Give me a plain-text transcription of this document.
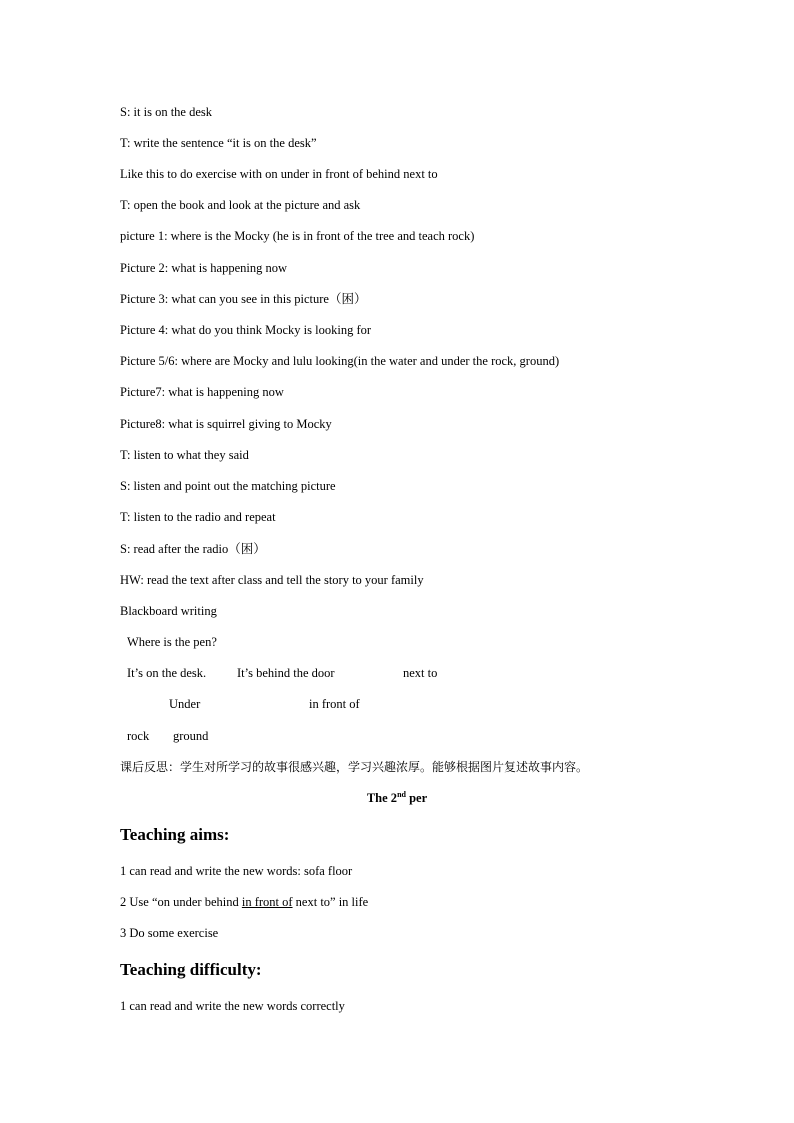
S: it is on the desk
T: write the sentence “it is on the desk”
Like this to do exercise with on under in front of behind next to
T: open the book and look at the picture and ask
picture 1: where is the Mocky (he is in front of the tree and teach rock)
Picture 2: what is happening now
Picture 3: what can you see in this picture（困）
Picture 4: what do you think Mocky is looking for
Picture 5/6: where are Mocky and lulu looking(in the water and under the rock, ground)
Picture7: what is happening now
Picture8: what is squirrel giving to Mocky
T: listen to what they said
S: listen and point out the matching picture
T: listen to the radio and repeat
S: read after the radio（困）
HW: read the text after class and tell the story to your family
Blackboard writing
Where is the pen?
It’s on the desk. It’s behind the door	next to
Under	in front of
rock ground
课后反思：学生对所学习的故事很感兴趣，学习兴趣浓厚。能够根据图片复述故事内容。
The 2nd per
Teaching aims:
1 can read and write the new words: sofa floor
2 Use “on under behind in front of next to” in life
3 Do some exercise
Teaching difficulty:
1 can read and write the new words correctly
